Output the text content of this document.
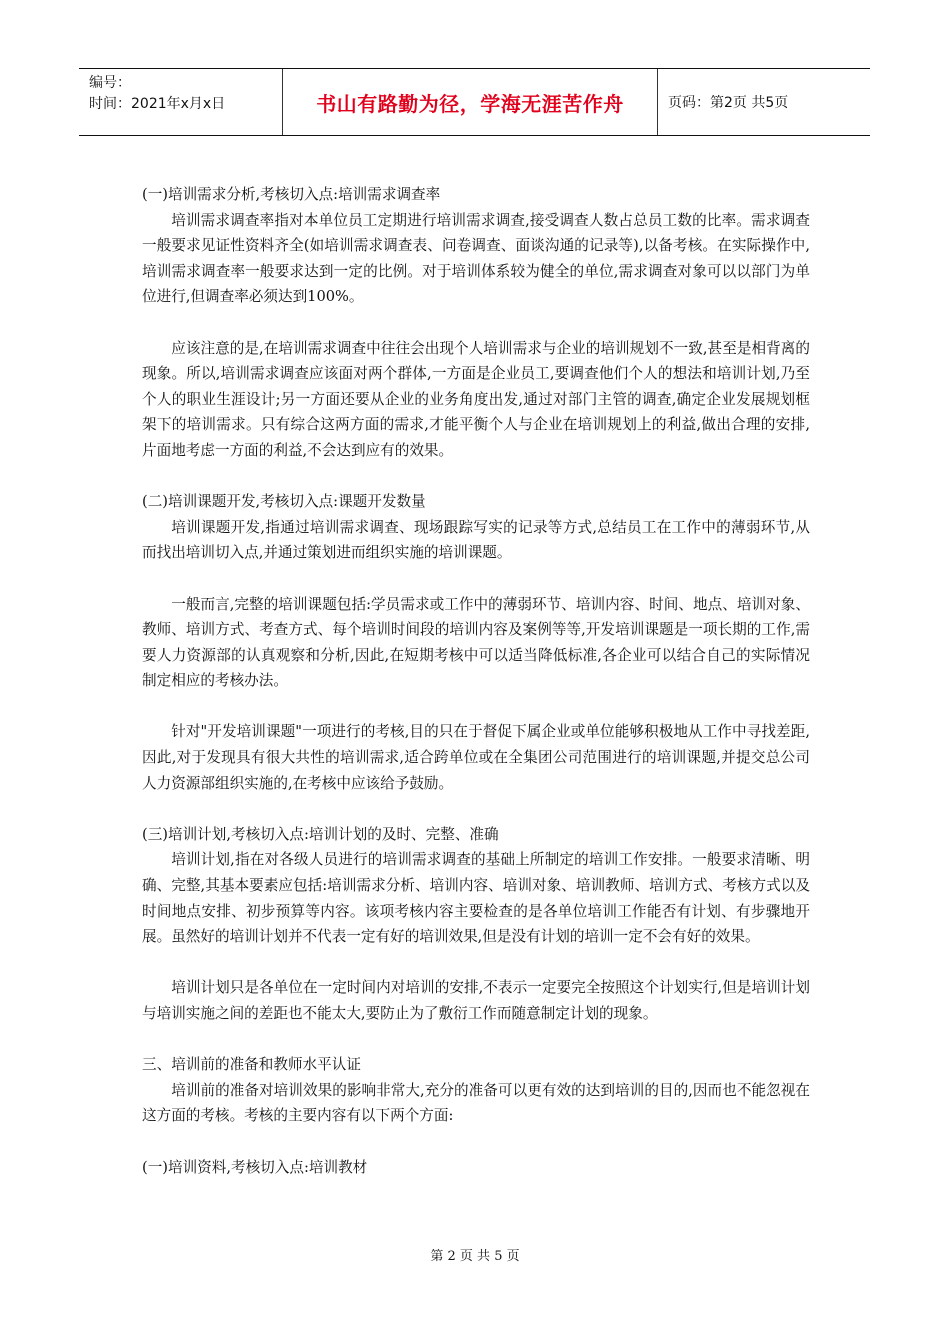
编号：
时间：2021年x月x日	书山有路勤为径，学海无涯苦作舟	页码：第2页 共5页

(一)培训需求分析,考核切入点:培训需求调查率

培训需求调查率指对本单位员工定期进行培训需求调查,接受调查人数占总员工数的比率。需求调查一般要求见证性资料齐全(如培训需求调查表、问卷调查、面谈沟通的记录等),以备考核。在实际操作中,培训需求调查率一般要求达到一定的比例。对于培训体系较为健全的单位,需求调查对象可以以部门为单位进行,但调查率必须达到100%。

应该注意的是,在培训需求调查中往往会出现个人培训需求与企业的培训规划不一致,甚至是相背离的现象。所以,培训需求调查应该面对两个群体,一方面是企业员工,要调查他们个人的想法和培训计划,乃至个人的职业生涯设计;另一方面还要从企业的业务角度出发,通过对部门主管的调查,确定企业发展规划框架下的培训需求。只有综合这两方面的需求,才能平衡个人与企业在培训规划上的利益,做出合理的安排,片面地考虑一方面的利益,不会达到应有的效果。

(二)培训课题开发,考核切入点:课题开发数量

培训课题开发,指通过培训需求调查、现场跟踪写实的记录等方式,总结员工在工作中的薄弱环节,从而找出培训切入点,并通过策划进而组织实施的培训课题。

一般而言,完整的培训课题包括:学员需求或工作中的薄弱环节、培训内容、时间、地点、培训对象、教师、培训方式、考查方式、每个培训时间段的培训内容及案例等等,开发培训课题是一项长期的工作,需要人力资源部的认真观察和分析,因此,在短期考核中可以适当降低标准,各企业可以结合自己的实际情况制定相应的考核办法。

针对"开发培训课题"一项进行的考核,目的只在于督促下属企业或单位能够积极地从工作中寻找差距,因此,对于发现具有很大共性的培训需求,适合跨单位或在全集团公司范围进行的培训课题,并提交总公司人力资源部组织实施的,在考核中应该给予鼓励。

(三)培训计划,考核切入点:培训计划的及时、完整、准确

培训计划,指在对各级人员进行的培训需求调查的基础上所制定的培训工作安排。一般要求清晰、明确、完整,其基本要素应包括:培训需求分析、培训内容、培训对象、培训教师、培训方式、考核方式以及时间地点安排、初步预算等内容。该项考核内容主要检查的是各单位培训工作能否有计划、有步骤地开展。虽然好的培训计划并不代表一定有好的培训效果,但是没有计划的培训一定不会有好的效果。

培训计划只是各单位在一定时间内对培训的安排,不表示一定要完全按照这个计划实行,但是培训计划与培训实施之间的差距也不能太大,要防止为了敷衍工作而随意制定计划的现象。

三、培训前的准备和教师水平认证

培训前的准备对培训效果的影响非常大,充分的准备可以更有效的达到培训的目的,因而也不能忽视在这方面的考核。考核的主要内容有以下两个方面:

(一)培训资料,考核切入点:培训教材

第 2 页 共 5 页
